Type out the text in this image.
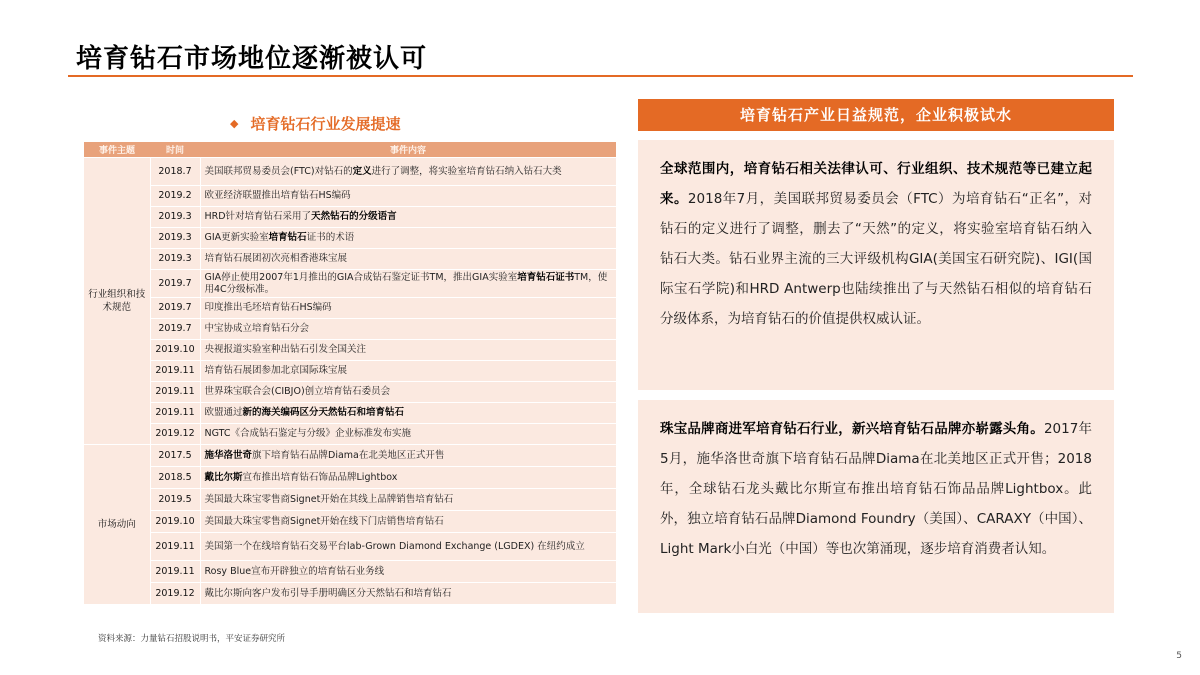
培育钻石市场地位逐渐被认可
◆ 培育钻石行业发展提速
事件主题	时间	事件内容
行业组织和技术规范	2018.7	美国联邦贸易委员会(FTC)对钻石的定义进行了调整，将实验室培育钻石纳入钻石大类
	2019.2	欧亚经济联盟推出培育钻石HS编码
	2019.3	HRD针对培育钻石采用了天然钻石的分级语言
	2019.3	GIA更新实验室培育钻石证书的术语
	2019.3	培育钻石展团初次亮相香港珠宝展
	2019.7	GIA停止使用2007年1月推出的GIA合成钻石鉴定证书TM，推出GIA实验室培育钻石证书TM，使用4C分级标准。
	2019.7	印度推出毛坯培育钻石HS编码
	2019.7	中宝协成立培育钻石分会
	2019.10	央视报道实验室种出钻石引发全国关注
	2019.11	培育钻石展团参加北京国际珠宝展
	2019.11	世界珠宝联合会(CIBJO)创立培育钻石委员会
	2019.11	欧盟通过新的海关编码区分天然钻石和培育钻石
	2019.12	NGTC《合成钻石鉴定与分级》企业标准发布实施
市场动向	2017.5	施华洛世奇旗下培育钻石品牌Diama在北美地区正式开售
	2018.5	戴比尔斯宣布推出培育钻石饰品品牌Lightbox
	2019.5	美国最大珠宝零售商Signet开始在其线上品牌销售培育钻石
	2019.10	美国最大珠宝零售商Signet开始在线下门店销售培育钻石
	2019.11	美国第一个在线培育钻石交易平台lab-Grown Diamond Exchange (LGDEX) 在纽约成立
	2019.11	Rosy Blue宣布开辟独立的培育钻石业务线
	2019.12	戴比尔斯向客户发布引导手册明确区分天然钻石和培育钻石
资料来源：力量钻石招股说明书，平安证券研究所
培育钻石产业日益规范，企业积极试水
全球范围内，培育钻石相关法律认可、行业组织、技术规范等已建立起来。2018年7月，美国联邦贸易委员会（FTC）为培育钻石“正名”，对钻石的定义进行了调整，删去了“天然”的定义，将实验室培育钻石纳入钻石大类。钻石业界主流的三大评级机构GIA(美国宝石研究院)、IGI(国际宝石学院)和HRD Antwerp也陆续推出了与天然钻石相似的培育钻石分级体系，为培育钻石的价值提供权威认证。
珠宝品牌商进军培育钻石行业，新兴培育钻石品牌亦崭露头角。2017年5月，施华洛世奇旗下培育钻石品牌Diama在北美地区正式开售；2018年，全球钻石龙头戴比尔斯宣布推出培育钻石饰品品牌Lightbox。此外，独立培育钻石品牌Diamond Foundry（美国）、CARAXY（中国）、Light Mark小白光（中国）等也次第涌现，逐步培育消费者认知。
5
